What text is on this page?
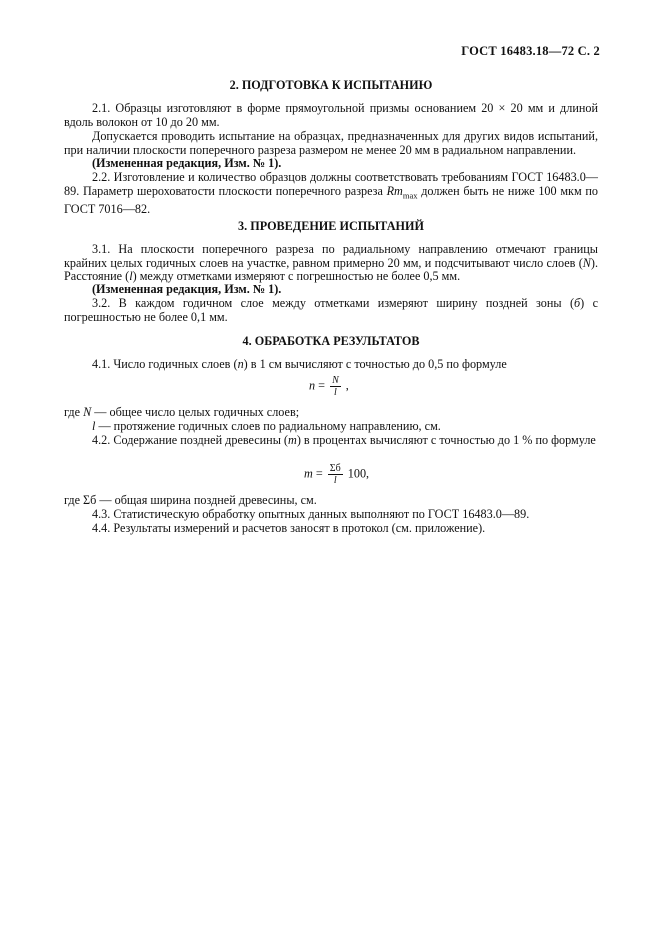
ГОСТ 16483.18—72 С. 2
2. ПОДГОТОВКА К ИСПЫТАНИЮ
2.1. Образцы изготовляют в форме прямоугольной призмы основанием 20 × 20 мм и длиной вдоль волокон от 10 до 20 мм.
Допускается проводить испытание на образцах, предназначенных для других видов испытаний, при наличии плоскости поперечного разреза размером не менее 20 мм в радиальном направлении.
(Измененная редакция, Изм. № 1).
2.2. Изготовление и количество образцов должны соответствовать требованиям ГОСТ 16483.0—89. Параметр шероховатости плоскости поперечного разреза $Rm_{max}$ должен быть не ниже 100 мкм по ГОСТ 7016—82.
3. ПРОВЕДЕНИЕ ИСПЫТАНИЙ
3.1. На плоскости поперечного разреза по радиальному направлению отмечают границы крайних целых годичных слоев на участке, равном примерно 20 мм, и подсчитывают число слоев (N). Расстояние (l) между отметками измеряют с погрешностью не более 0,5 мм.
(Измененная редакция, Изм. № 1).
3.2. В каждом годичном слое между отметками измеряют ширину поздней зоны (б) с погрешностью не более 0,1 мм.
4. ОБРАБОТКА РЕЗУЛЬТАТОВ
4.1. Число годичных слоев (n) в 1 см вычисляют с точностью до 0,5 по формуле
$n = \frac{N}{l}$ ,
где N — общее число целых годичных слоев;
l — протяжение годичных слоев по радиальному направлению, см.
4.2. Содержание поздней древесины (m) в процентах вычисляют с точностью до 1 % по формуле
$m = \frac{\Sigma б}{l} 100$,
где Σб — общая ширина поздней древесины, см.
4.3. Статистическую обработку опытных данных выполняют по ГОСТ 16483.0—89.
4.4. Результаты измерений и расчетов заносят в протокол (см. приложение).
